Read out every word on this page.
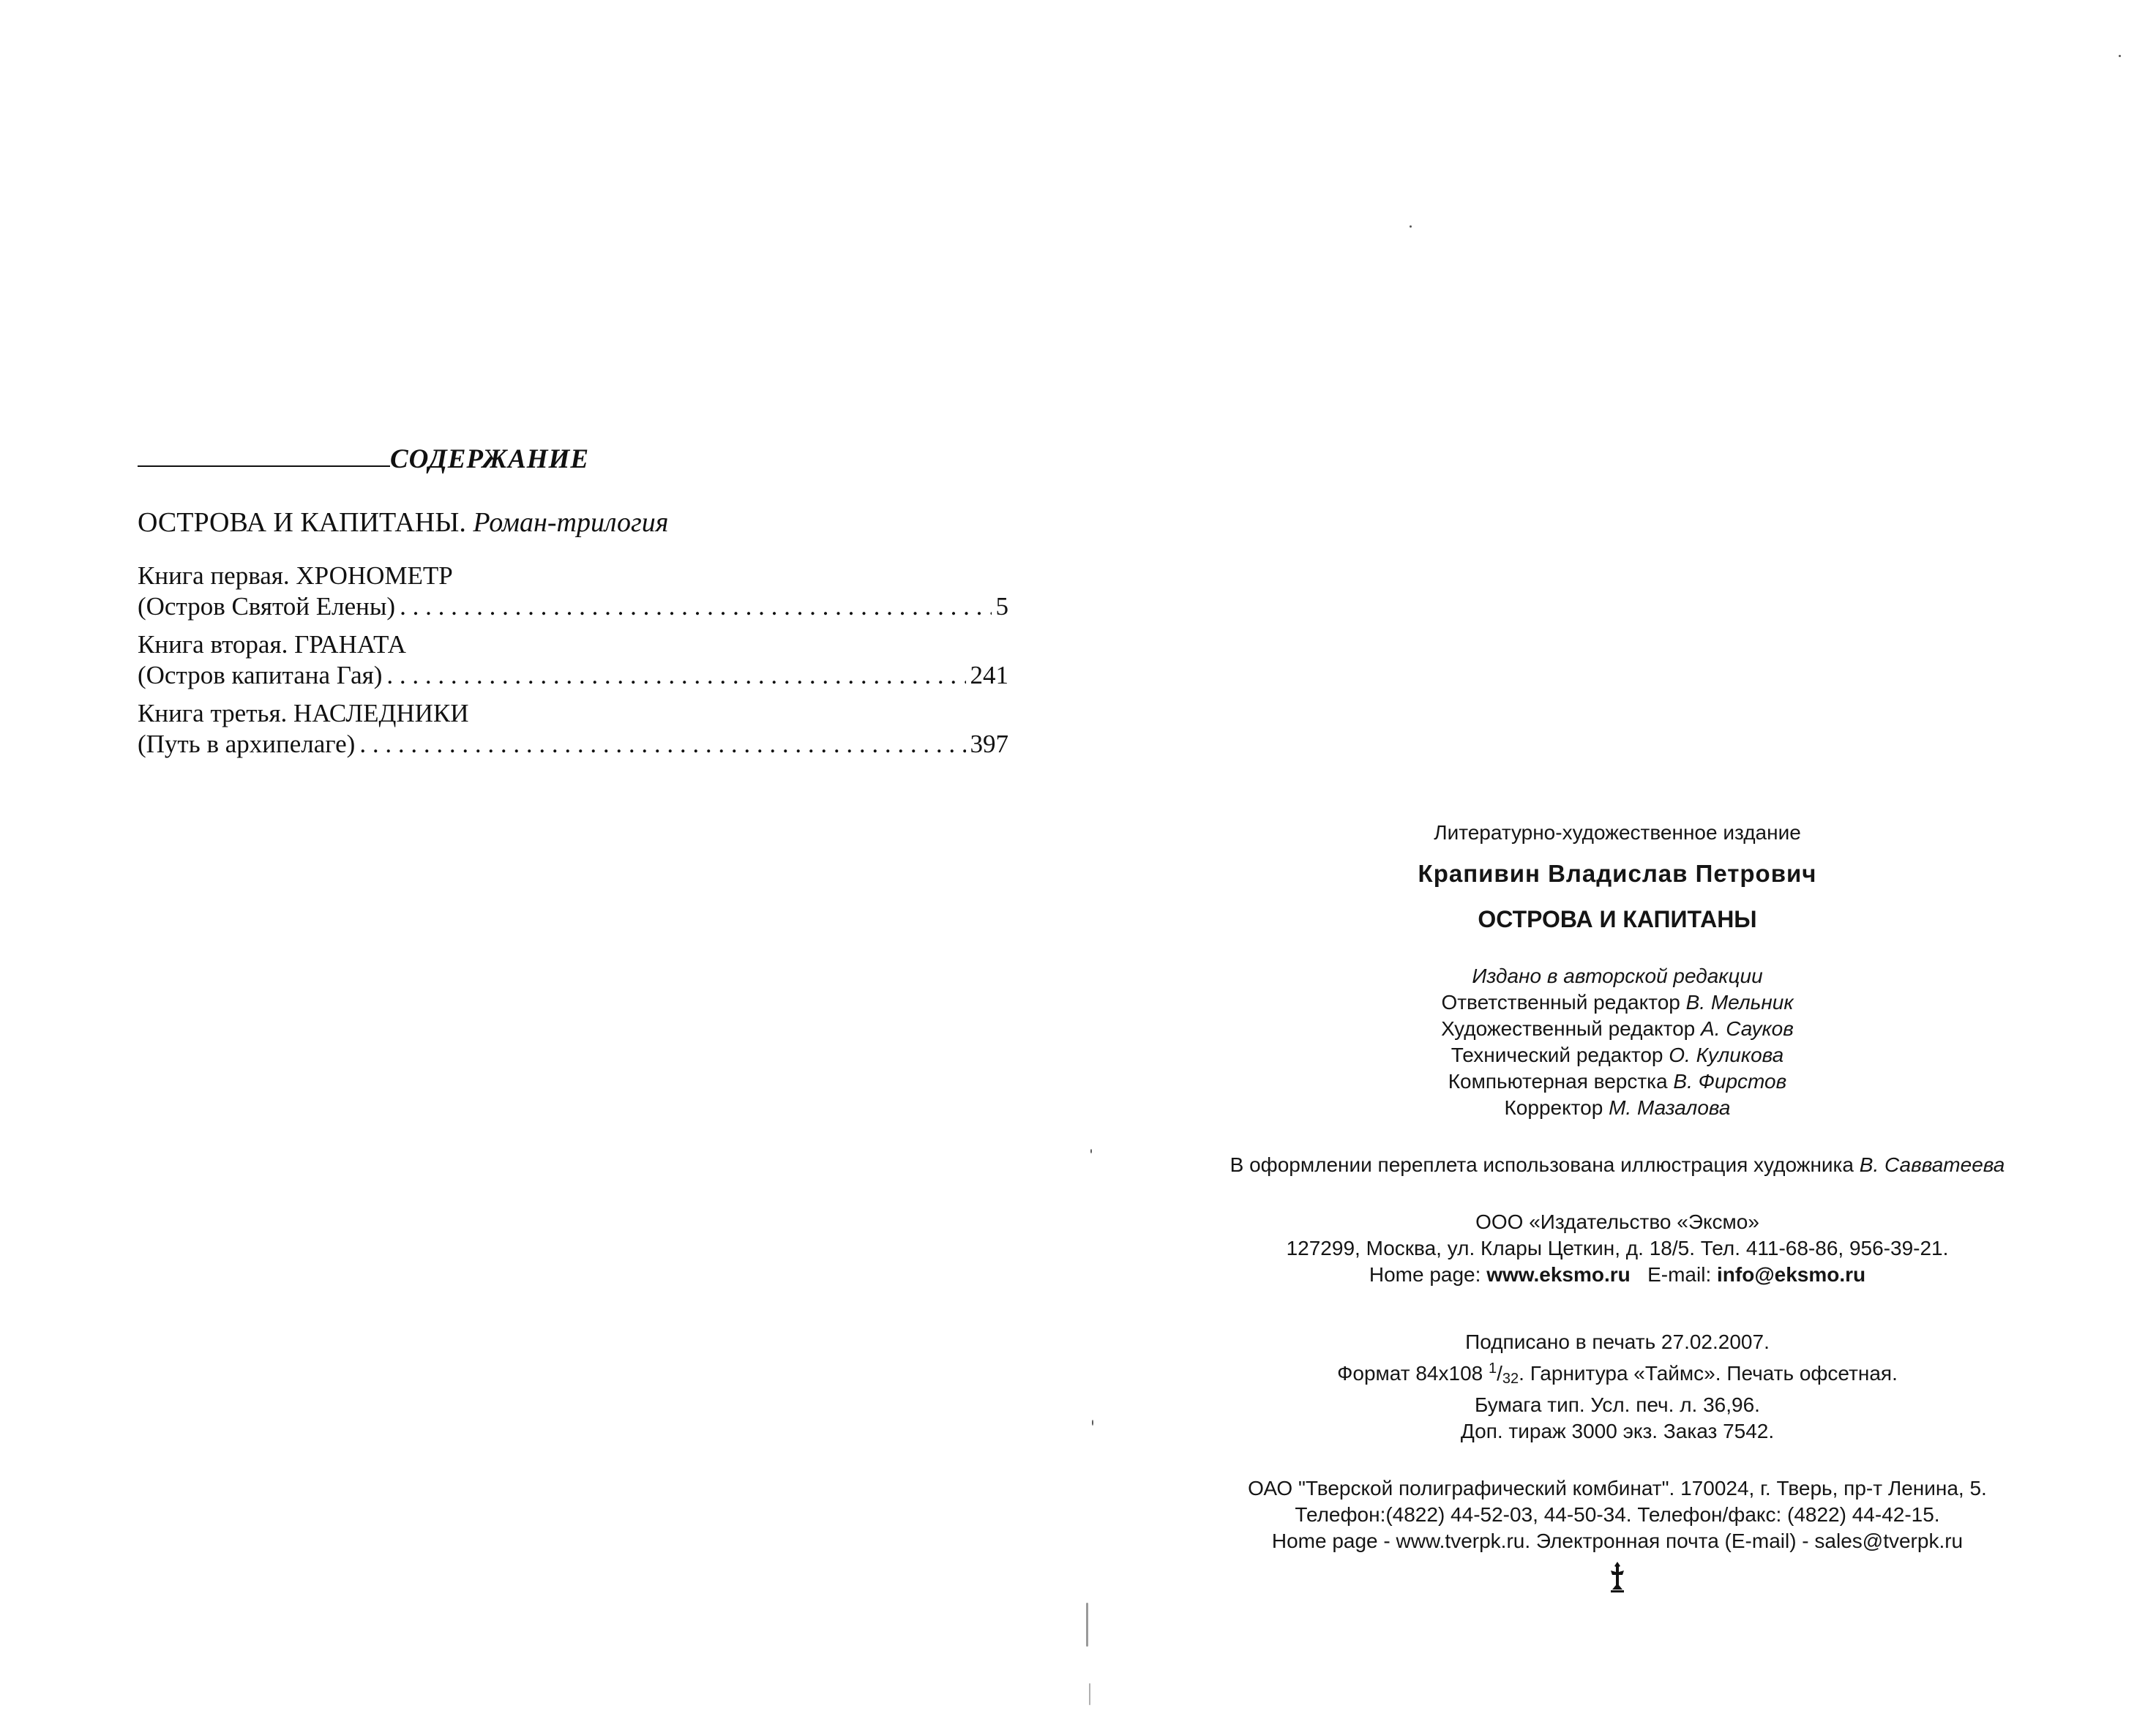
СОДЕРЖАНИЕ
ОСТРОВА И КАПИТАНЫ. Роман-трилогия
Книга первая. ХРОНОМЕТР
(Остров Святой Елены) . . .	5
Книга вторая. ГРАНАТА
(Остров капитана Гая) . . .	241
Книга третья. НАСЛЕДНИКИ
(Путь в архипелаге) . . .	397
Литературно-художественное издание
Крапивин Владислав Петрович
ОСТРОВА И КАПИТАНЫ
Издано в авторской редакции
Ответственный редактор В. Мельник
Художественный редактор А. Сауков
Технический редактор О. Куликова
Компьютерная верстка В. Фирстов
Корректор М. Мазалова
В оформлении переплета использована иллюстрация художника В. Савватеева
ООО «Издательство «Эксмо»
127299, Москва, ул. Клары Цеткин, д. 18/5. Тел. 411-68-86, 956-39-21.
Home page: www.eksmo.ru E-mail: info@eksmo.ru
Подписано в печать 27.02.2007.
Формат 84x108 $^1/_{32}$. Гарнитура «Таймс». Печать офсетная.
Бумага тип. Усл. печ. л. 36,96.
Доп. тираж 3000 экз. Заказ 7542.
ОАО "Тверской полиграфический комбинат". 170024, г. Тверь, пр-т Ленина, 5.
Телефон:(4822) 44-52-03, 44-50-34. Телефон/факс: (4822) 44-42-15.
Home page - www.tverpk.ru. Электронная почта (E-mail) - sales@tverpk.ru
